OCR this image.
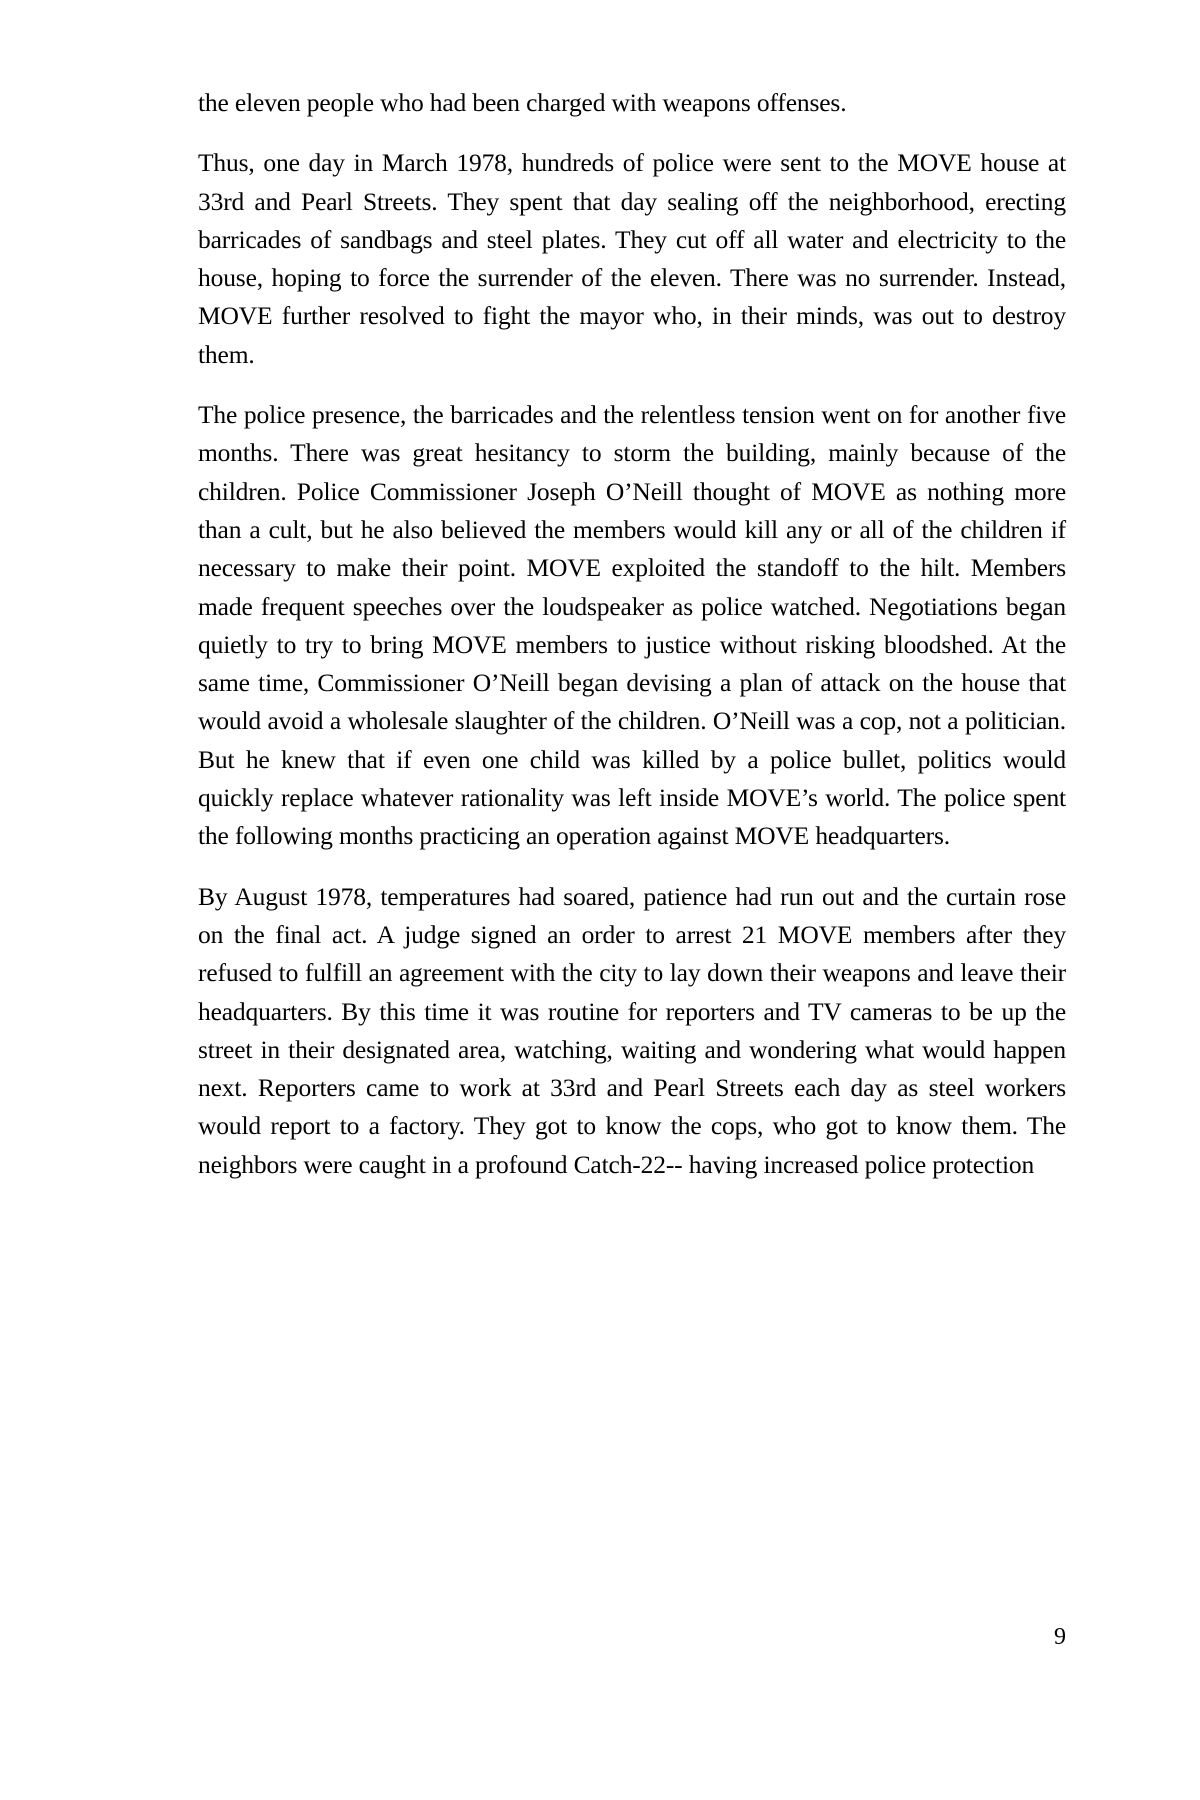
the eleven people who had been charged with weapons offenses.

Thus, one day in March 1978, hundreds of police were sent to the MOVE house at 33rd and Pearl Streets. They spent that day sealing off the neighborhood, erecting barricades of sandbags and steel plates. They cut off all water and electricity to the house, hoping to force the surrender of the eleven. There was no surrender. Instead, MOVE further resolved to fight the mayor who, in their minds, was out to destroy them.

The police presence, the barricades and the relentless tension went on for another five months. There was great hesitancy to storm the building, mainly because of the children. Police Commissioner Joseph O’Neill thought of MOVE as nothing more than a cult, but he also believed the members would kill any or all of the children if necessary to make their point. MOVE exploited the standoff to the hilt. Members made frequent speeches over the loudspeaker as police watched. Negotiations began quietly to try to bring MOVE members to justice without risking bloodshed. At the same time, Commissioner O’Neill began devising a plan of attack on the house that would avoid a wholesale slaughter of the children. O’Neill was a cop, not a politician. But he knew that if even one child was killed by a police bullet, politics would quickly replace whatever rationality was left inside MOVE’s world. The police spent the following months practicing an operation against MOVE headquarters.

By August 1978, temperatures had soared, patience had run out and the curtain rose on the final act. A judge signed an order to arrest 21 MOVE members after they refused to fulfill an agreement with the city to lay down their weapons and leave their headquarters. By this time it was routine for reporters and TV cameras to be up the street in their designated area, watching, waiting and wondering what would happen next. Reporters came to work at 33rd and Pearl Streets each day as steel workers would report to a factory. They got to know the cops, who got to know them. The neighbors were caught in a profound Catch-22-- having increased police protection

9
